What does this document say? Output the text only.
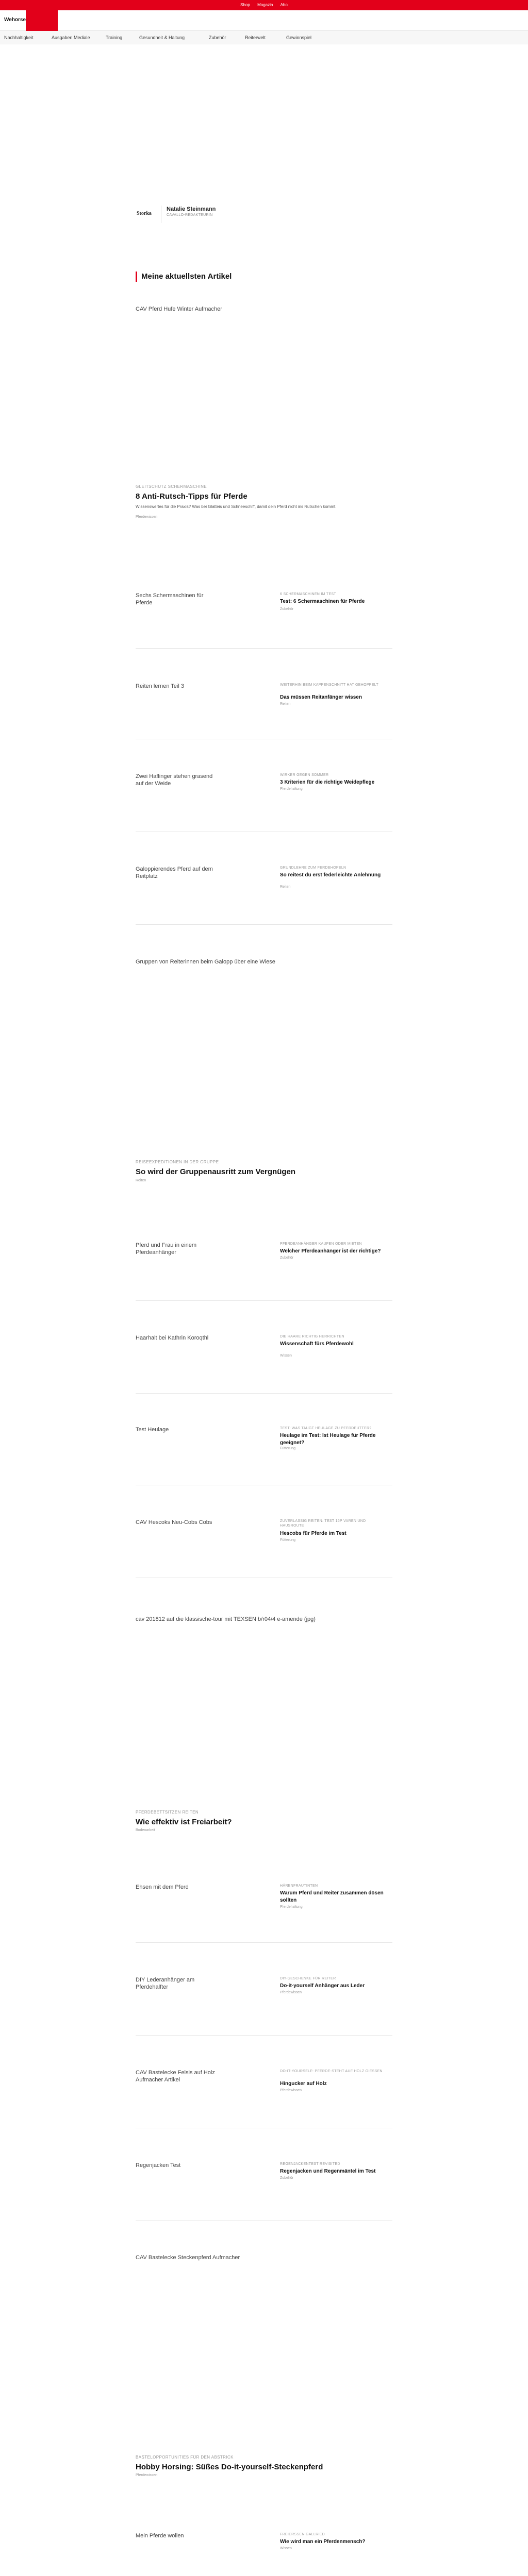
Shop Magazin Abo
Wehorse
Nachhaltigkeit	Ausgaben Mediale	Training	Gesundheit & Haltung	Zubehör	Reiterwelt	Gewinnspiel
Storka
Natalie Steinmann
CAVALLO-REDAKTEURIN
Meine aktuellsten Artikel
CAV Pferd Hufe Winter Aufmacher
GLEITSCHUTZ SCHERMASCHINE
8 Anti-Rutsch-Tipps für Pferde
Wissenswertes für die Praxis? Was bei Glatteis und Schneeschiff, damit dein Pferd nicht ins Rutschen kommt.
Pferdewissen
Sechs Schermaschinen für Pferde
6 SCHERMASCHINEN IM TEST
Test: 6 Schermaschinen für Pferde
Zubehör
Reiten lernen Teil 3	WEITERHIN BEIM KAPPENSCHNITT HAT GEHOPPELT
Das müssen Reitanfänger wissen
Reiten
Zwei Haflinger stehen grasend auf der Weide
WIRKER GEGEN SOMMER
3 Kriterien für die richtige Weidepflege
Pferdehaltung
Galoppierendes Pferd auf dem Reitplatz
GRUNDLEHRE ZUM FERDEHOPELN
So reitest du erst federleichte Anlehnung
Reiten
Gruppen von Reiterinnen beim Galopp über eine Wiese
REISEEXPEDITIONEN IN DER GRUPPE
So wird der Gruppenausritt zum Vergnügen
Reiten
Pferd und Frau in einem Pferdeanhänger
PFERDEANHÄNGER KAUFEN ODER MIETEN
Welcher Pferdeanhänger ist der richtige?
Zubehör
Haarhalt bei Kathrin Koroqthl	DIE HAARE RICHTIG HERRICHTEN
Wissenschaft fürs Pferdewohl
Wissen
Test Heulage	TEST: WAS TAUGT HEULAGE ZU PFERDEUTTER?
Heulage im Test: Ist Heulage für Pferde geeignet?
Fütterung
CAV Hescoks Neu-Cobs Cobs	ZUVERLÄSSIG REITEN: TEST 16P VAREN UND HAUSROUTE
Hescobs für Pferde im Test
Fütterung
cav 201812 auf die klassische-tour mit TEXSEN b/r04/4 e-amende (jpg)
PFERDEBETTSITZEN REITEN
Wie effektiv ist Freiarbeit?
Bodenarbeit
Ehsen mit dem Pferd	HÄRENFRAUTINTEN
Warum Pferd und Reiter zusammen dösen sollten
Pferdehaltung
DIY Lederanhänger am Pferdehalfter
DIY-GESCHENKE FÜR REITER
Do-it-yourself Anhänger aus Leder
Pferdewissen
CAV Bastelecke Felsis auf Holz Aufmacher Artikel
DO-IT-YOURSELF: PFERDE-STEHT AUF HOLZ GIESSEN
Hingucker auf Holz
Pferdewissen
Regenjacken Test	REGENJACKENTEST REVISITED
Regenjacken und Regenmäntel im Test
Zubehör
CAV Bastelecke Steckenpferd Aufmacher
BASTELOPPORTUNITIES FÜR DEN ABSTRICK
Hobby Horsing: Süßes Do-it-yourself-Steckenpferd
Pferdewissen
Mein Pferde wollen	FREIERSSEN GALLRIED
Wie wird man ein Pferdenmensch?
Wissen
